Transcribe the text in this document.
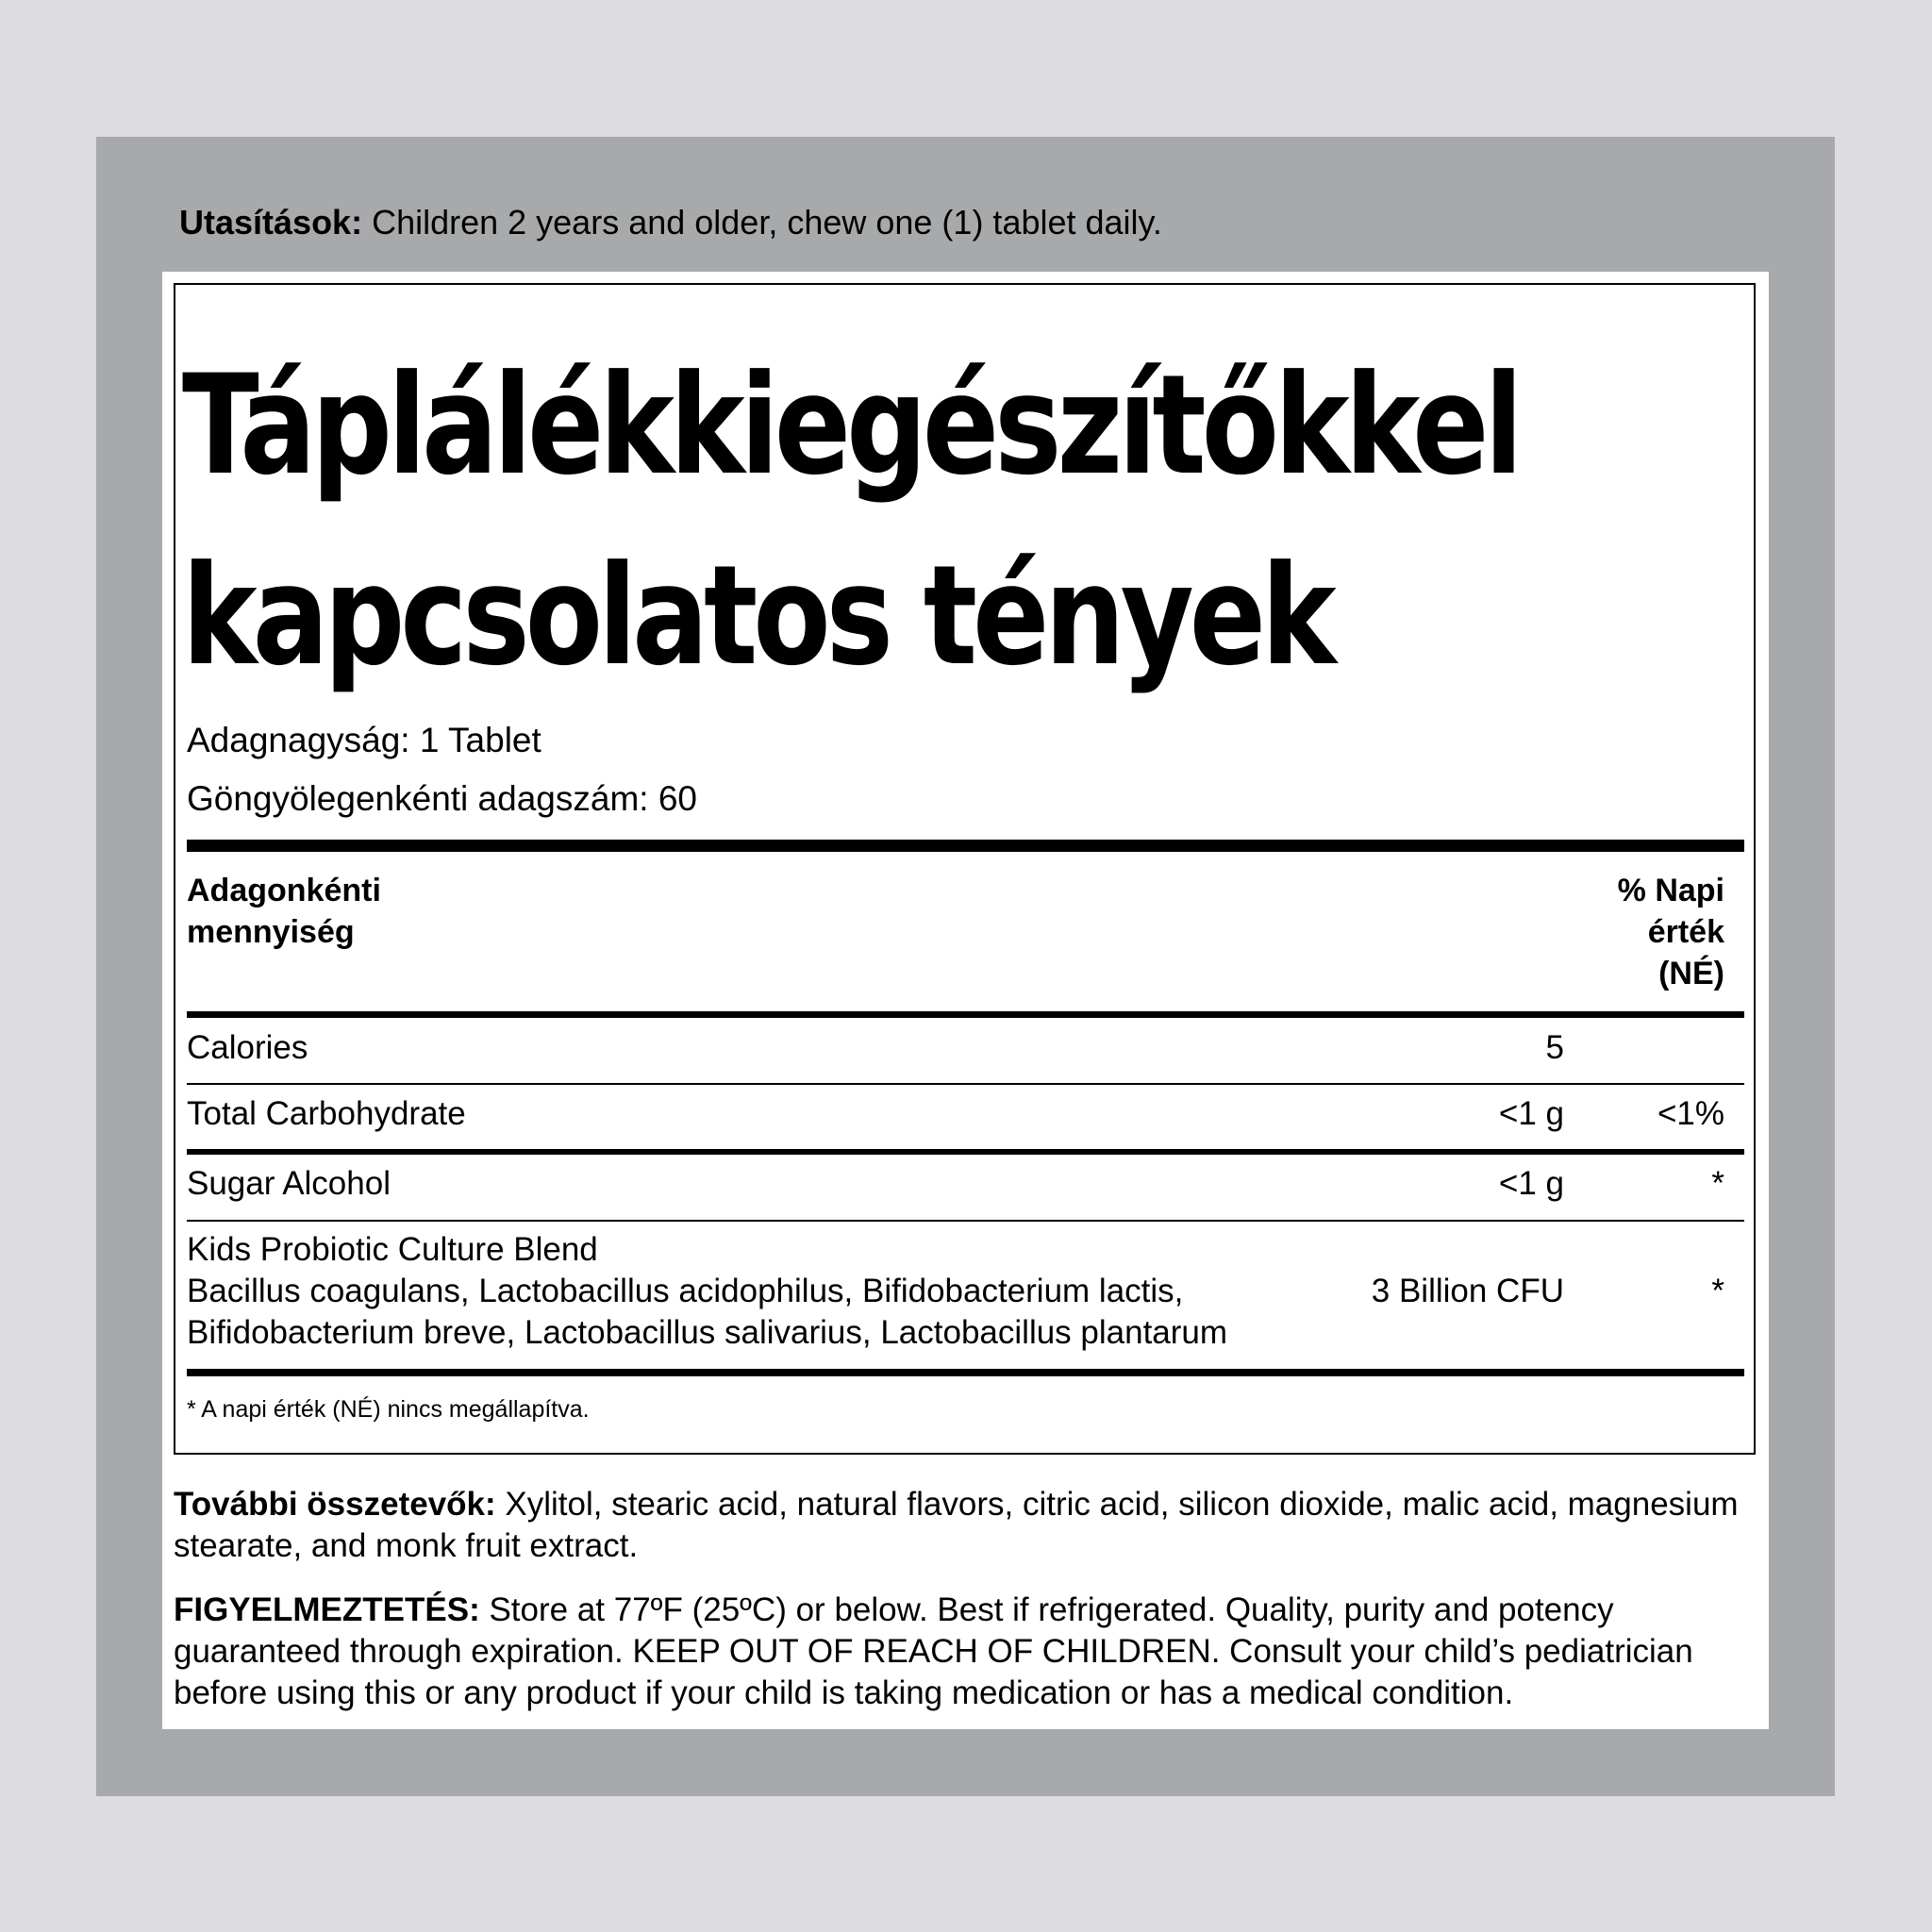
Utasítások: Children 2 years and older, chew one (1) tablet daily.
Táplálékkiegészítőkkel
kapcsolatos tények
Adagnagyság: 1 Tablet
Göngyölegenkénti adagszám: 60
Adagonkénti
mennyiség
% Napi
érték
(NÉ)
Calories	5
Total Carbohydrate	<1 g	<1%
Sugar Alcohol	<1 g	*
Kids Probiotic Culture Blend
Bacillus coagulans, Lactobacillus acidophilus, Bifidobacterium lactis,
Bifidobacterium breve, Lactobacillus salivarius, Lactobacillus plantarum
3 Billion CFU	*
* A napi érték (NÉ) nincs megállapítva.
További összetevők: Xylitol, stearic acid, natural flavors, citric acid, silicon dioxide, malic acid, magnesium stearate, and monk fruit extract.
FIGYELMEZTETÉS: Store at 77ºF (25ºC) or below. Best if refrigerated. Quality, purity and potency guaranteed through expiration. KEEP OUT OF REACH OF CHILDREN. Consult your child’s pediatrician before using this or any product if your child is taking medication or has a medical condition.
